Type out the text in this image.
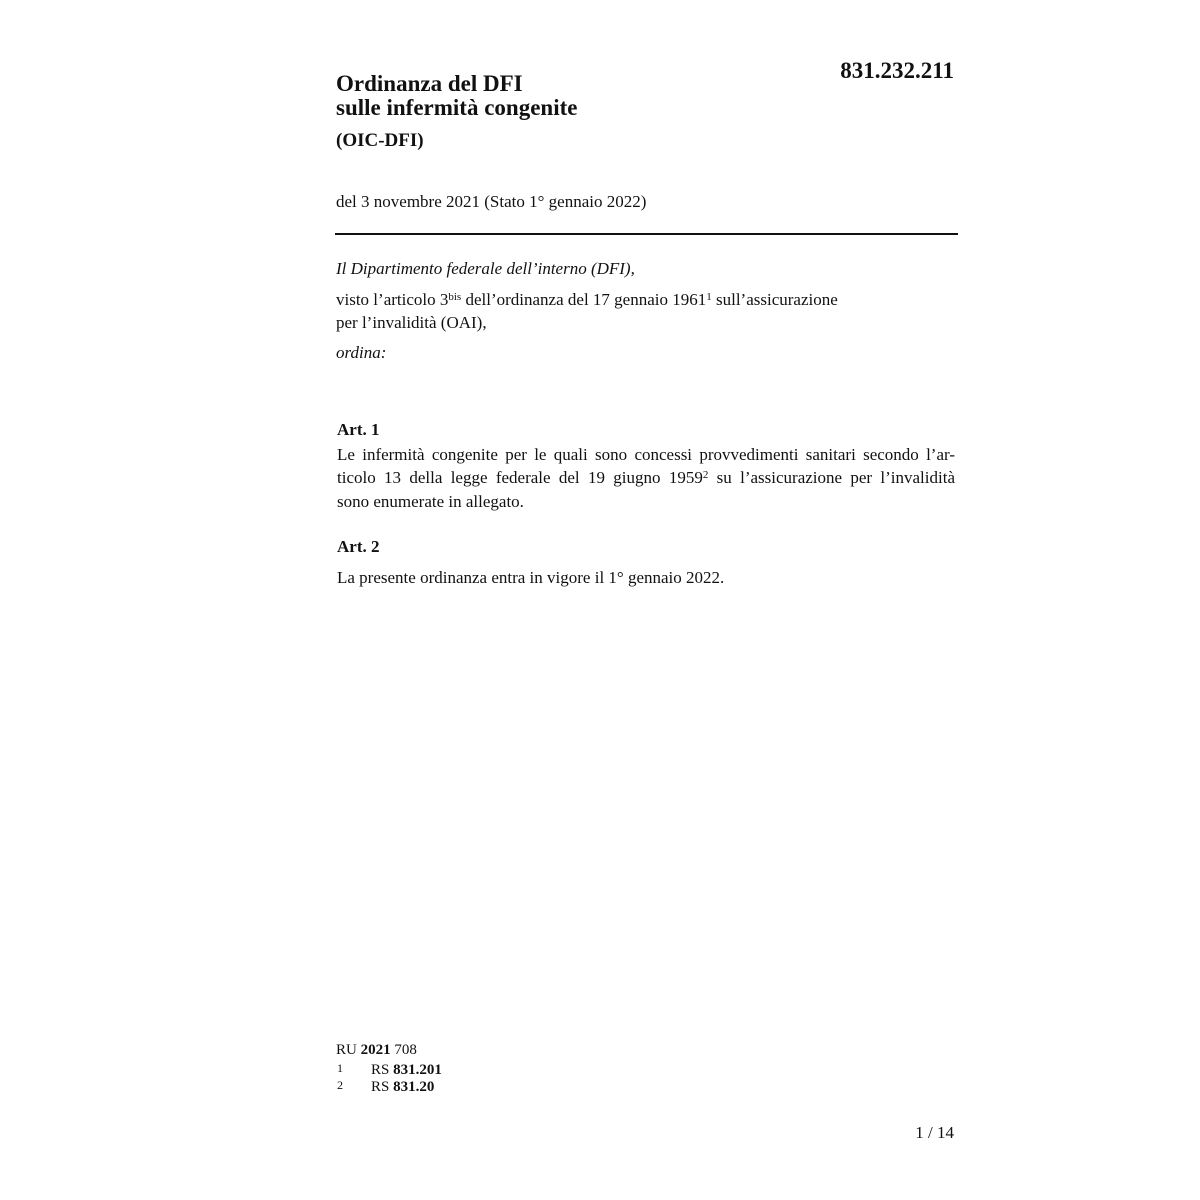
831.232.211
Ordinanza del DFI
sulle infermità congenite
(OIC-DFI)
del 3 novembre 2021 (Stato 1° gennaio 2022)
Il Dipartimento federale dell’interno (DFI),
visto l’articolo $3^{bis}$ dell’ordinanza del 17 gennaio 1961$^1$ sull’assicurazione
per l’invalidità (OAI),
ordina:
Art. 1
Le infermità congenite per le quali sono concessi provvedimenti sanitari secondo l’ar-
ticolo 13 della legge federale del 19 giugno 1959$^2$ su l’assicurazione per l’invalidità
sono enumerate in allegato.
Art. 2
La presente ordinanza entra in vigore il 1° gennaio 2022.
RU 2021 708
1 RS 831.201
2 RS 831.20
1 / 14
